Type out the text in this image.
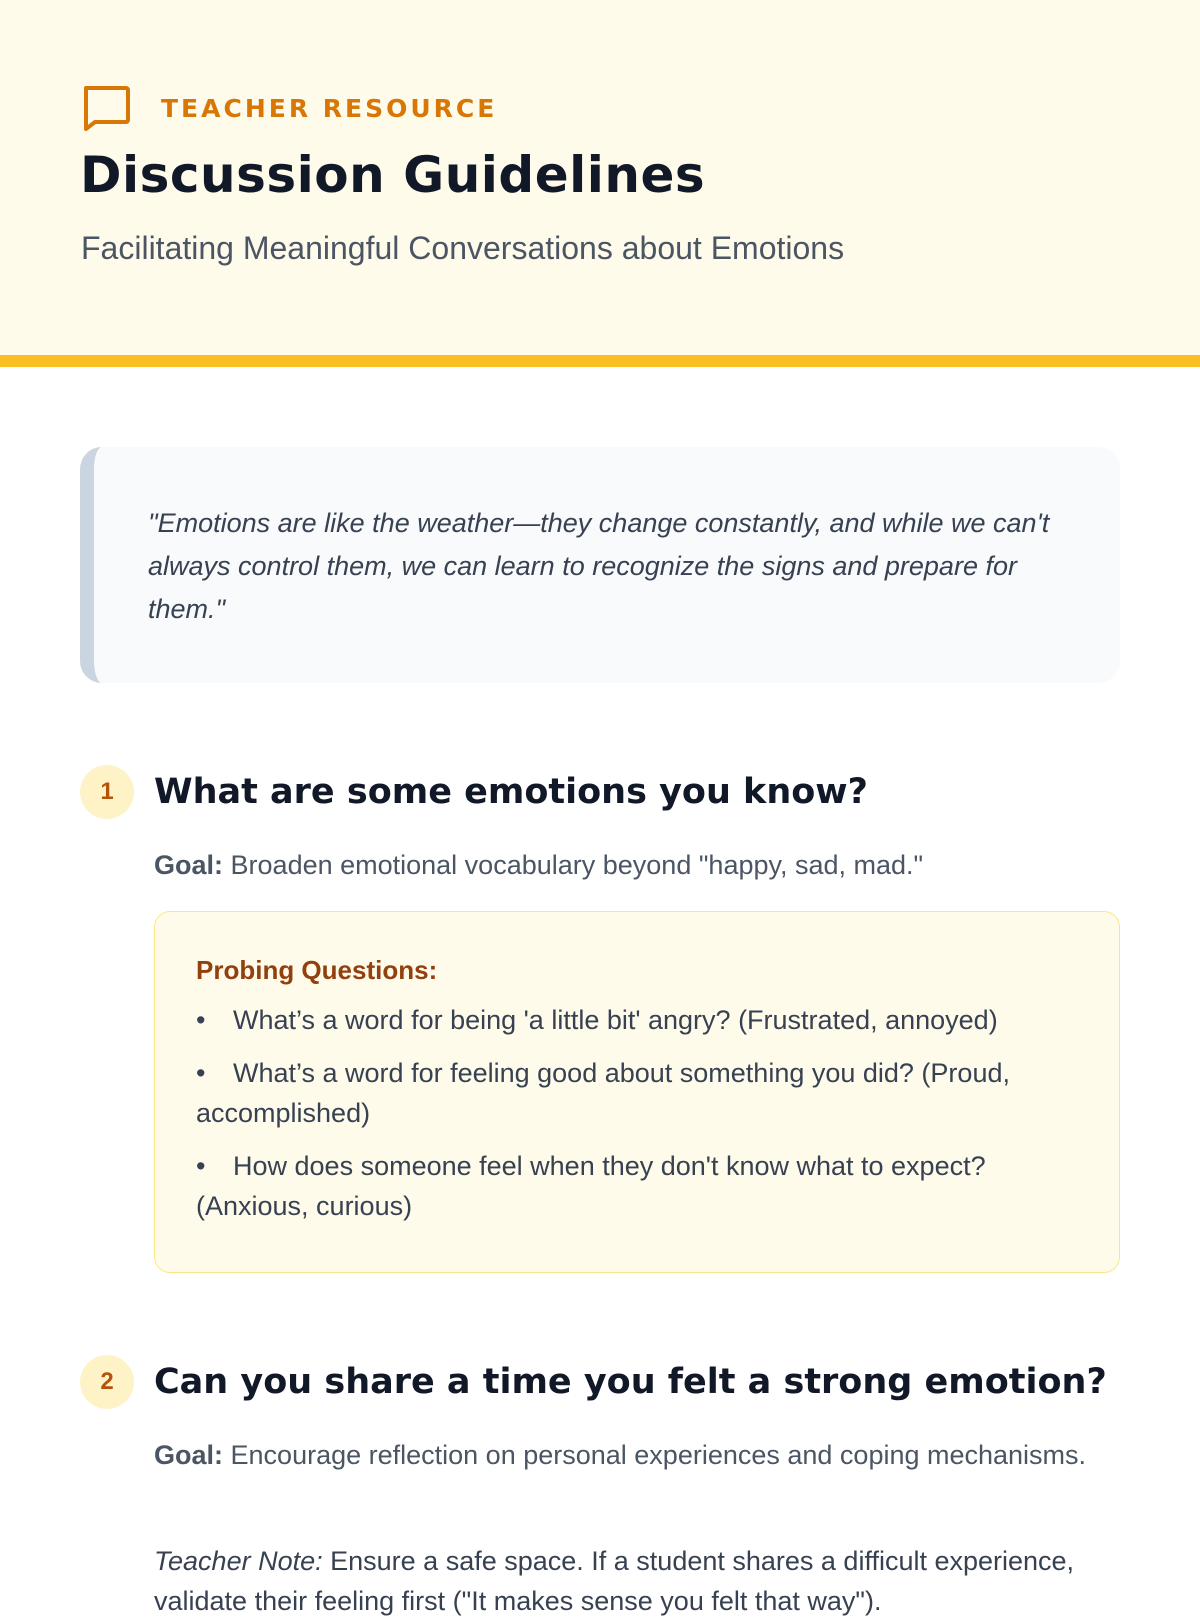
TEACHER RESOURCE
Discussion Guidelines

Facilitating Meaningful Conversations about Emotions

"Emotions are like the weather—they change constantly, and while we can't always control them, we can learn to recognize the signs and prepare for them."

1	What are some emotions you know?

Goal: Broaden emotional vocabulary beyond "happy, sad, mad."

Probing Questions:

• What’s a word for being 'a little bit' angry? (Frustrated, annoyed)
• What’s a word for feeling good about something you did? (Proud, accomplished)
• How does someone feel when they don't know what to expect? (Anxious, curious)
2	Can you share a time you felt a strong emotion?

Goal: Encourage reflection on personal experiences and coping mechanisms.

Teacher Note: Ensure a safe space. If a student shares a difficult experience, validate their feeling first ("It makes sense you felt that way").
